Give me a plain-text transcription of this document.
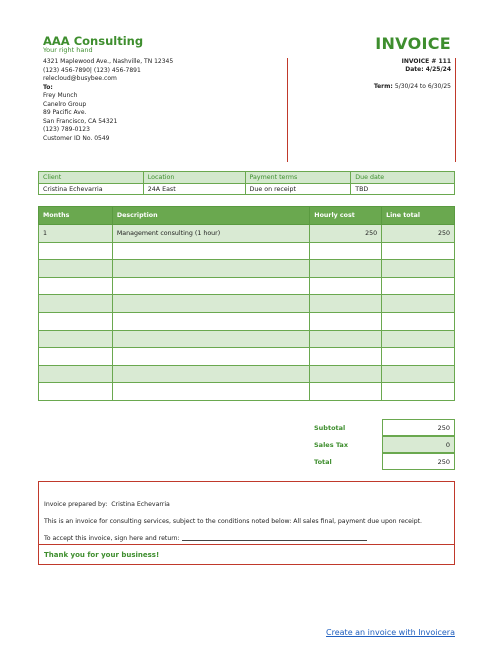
AAA Consulting
Your right hand	INVOICE
4321 Maplewood Ave., Nashville, TN 12345
(123) 456-7890| (123) 456-7891
relecloud@busybee.com
To:
Frey Munch
Canelro Group
89 Pacific Ave.
San Francisco, CA 54321
(123) 789-0123
Customer ID No. 0549
INVOICE # 111
Date: 4/25/24
Term: 5/30/24 to 6/30/25
Client	Location	Payment terms	Due date
Cristina Echevarria	24A East	Due on receipt	TBD
Months	Description	Hourly cost	Line total
1	Management consulting (1 hour)	250	250

Subtotal	250
Sales Tax	0
Total	250

Invoice prepared by: Cristina Echevarria

This is an invoice for consulting services, subject to the conditions noted below: All sales final, payment due upon receipt.

To accept this invoice, sign here and return:

Thank you for your business!

Create an invoice with Invoicera
